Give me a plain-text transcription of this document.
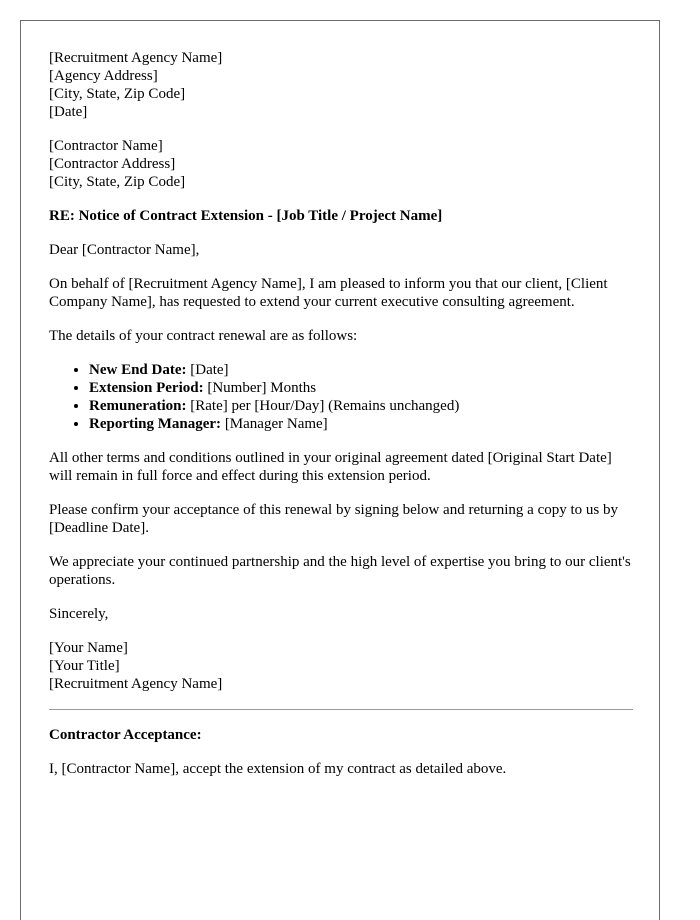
[Recruitment Agency Name]
[Agency Address]
[City, State, Zip Code]
[Date]
[Contractor Name]
[Contractor Address]
[City, State, Zip Code]
RE: Notice of Contract Extension - [Job Title / Project Name]

Dear [Contractor Name],

On behalf of [Recruitment Agency Name], I am pleased to inform you that our client, [Client Company Name], has requested to extend your current executive consulting agreement.

The details of your contract renewal are as follows:

• New End Date: [Date]
• Extension Period: [Number] Months
• Remuneration: [Rate] per [Hour/Day] (Remains unchanged)
• Reporting Manager: [Manager Name]

All other terms and conditions outlined in your original agreement dated [Original Start Date] will remain in full force and effect during this extension period.

Please confirm your acceptance of this renewal by signing below and returning a copy to us by [Deadline Date].

We appreciate your continued partnership and the high level of expertise you bring to our client's operations.

Sincerely,

[Your Name]
[Your Title]
[Recruitment Agency Name]
Contractor Acceptance:

I, [Contractor Name], accept the extension of my contract as detailed above.
